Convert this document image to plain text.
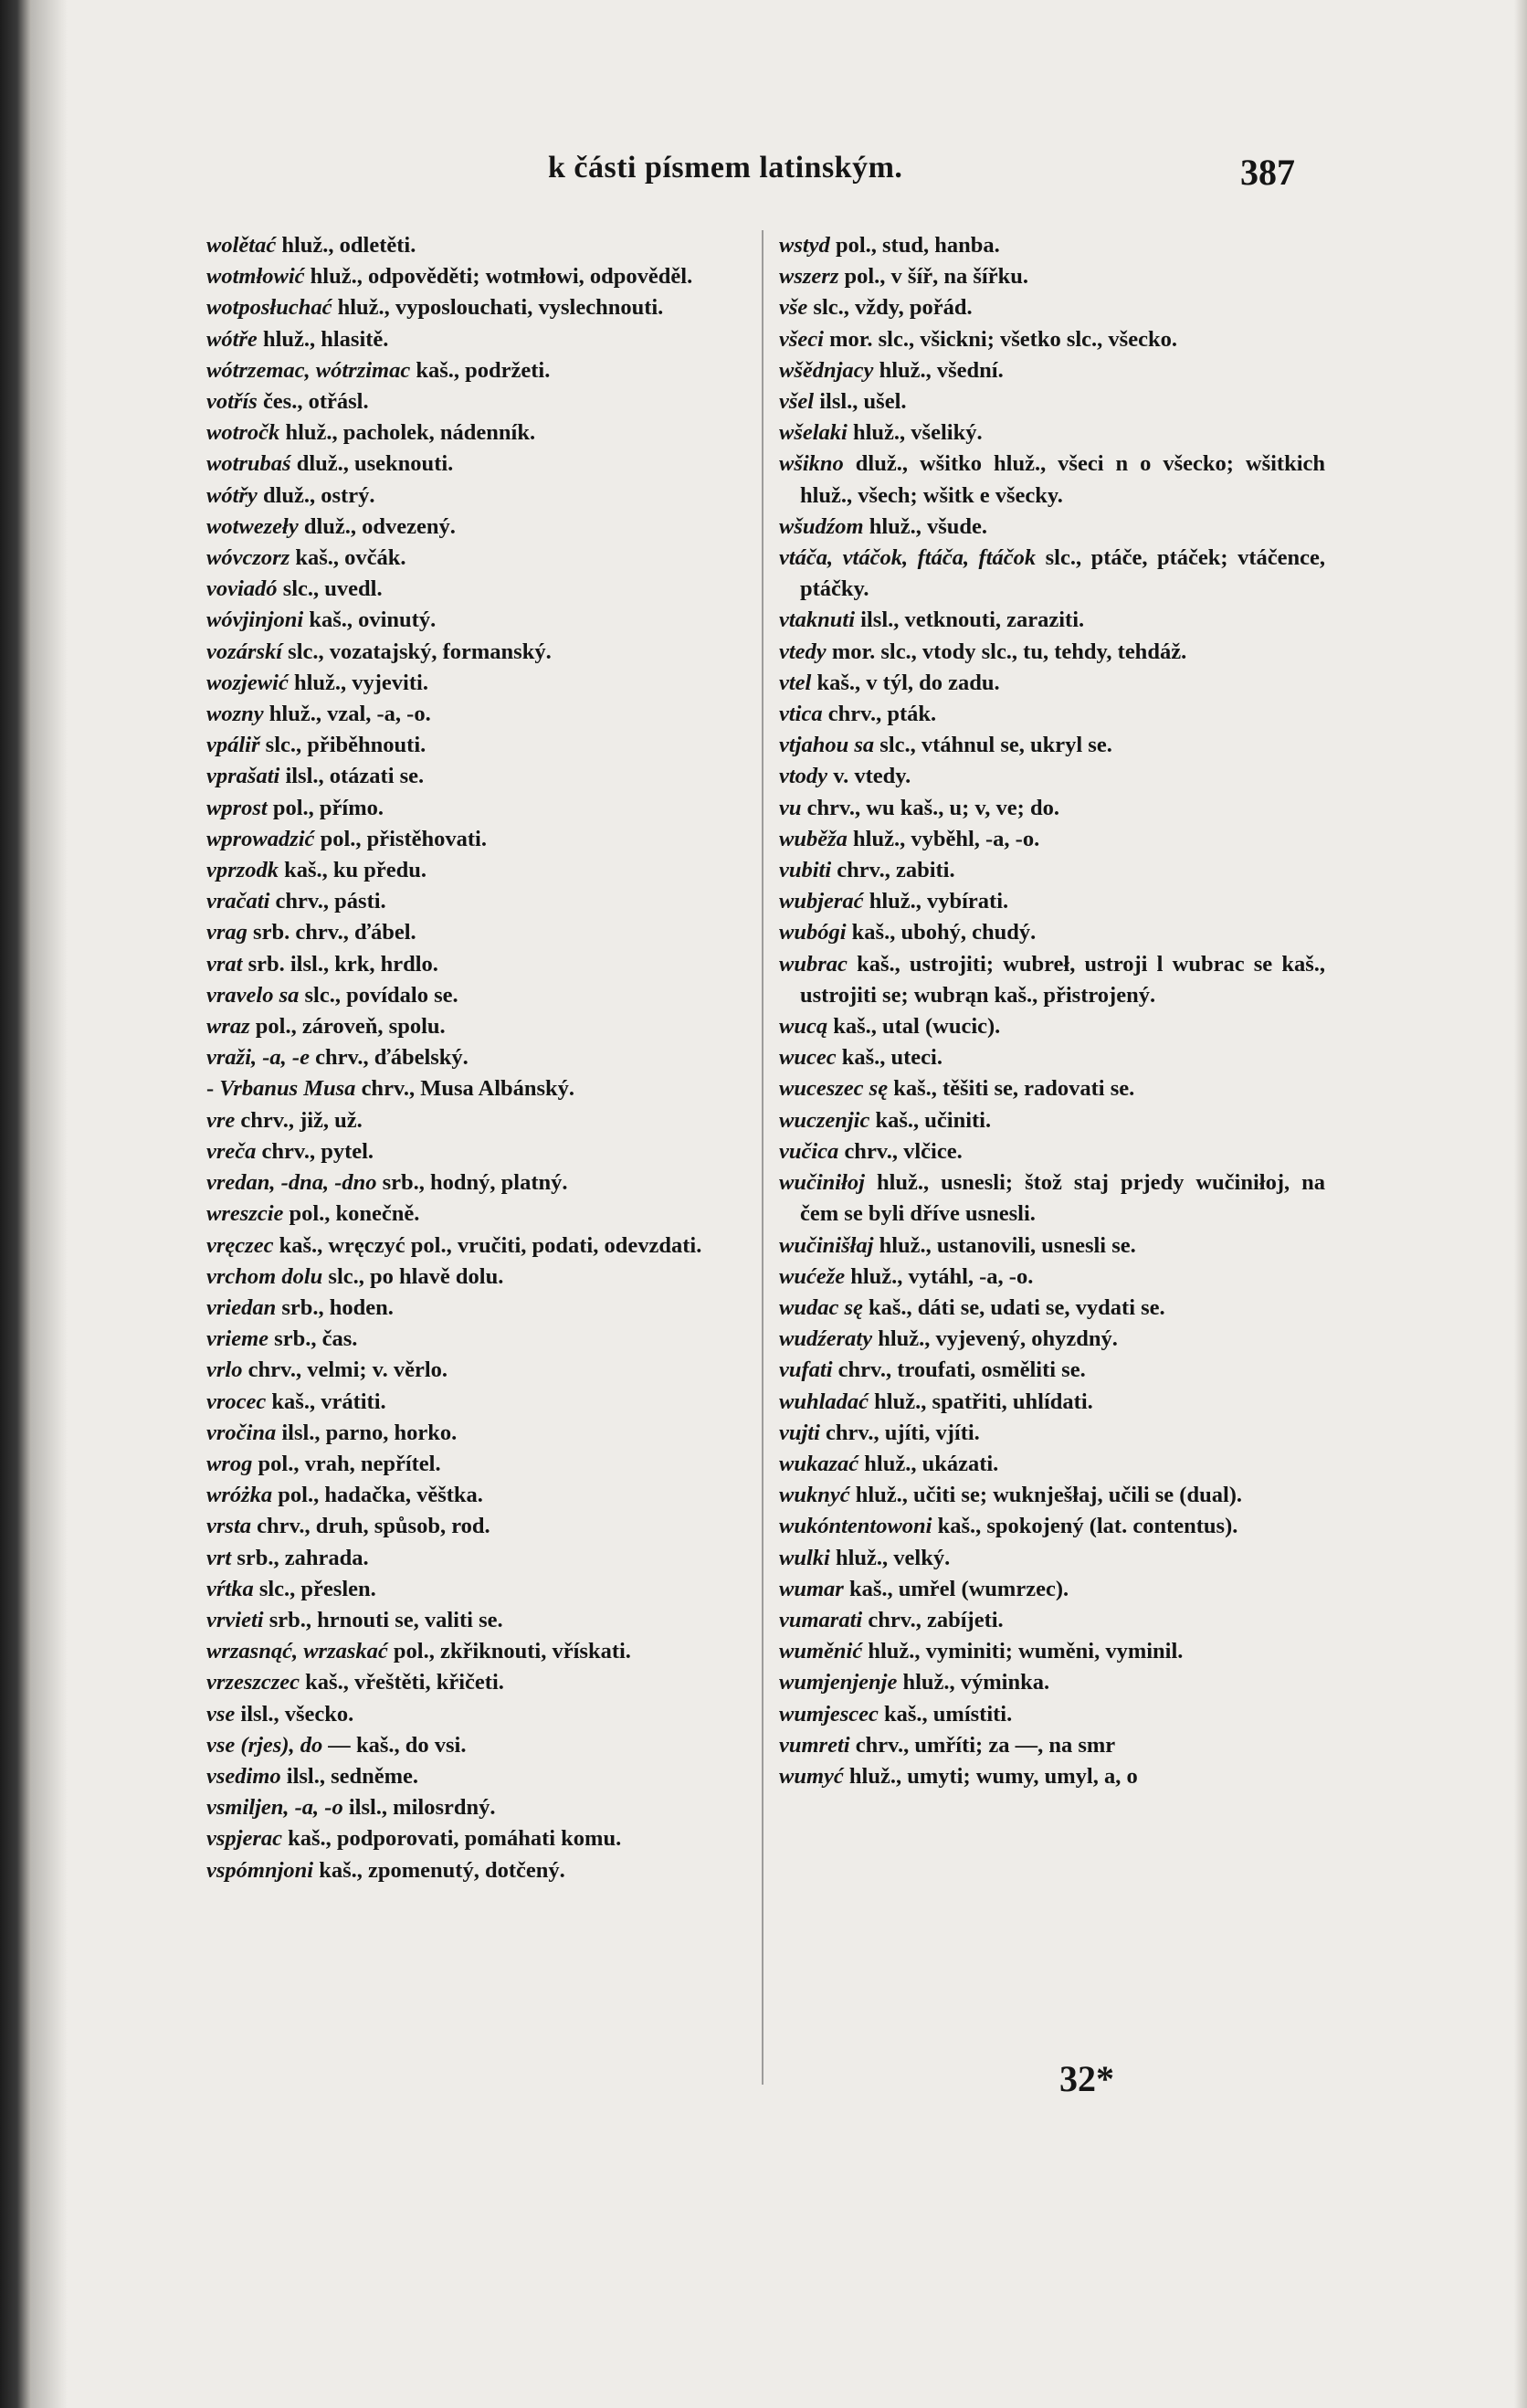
k části písmem latinským.	387

wolětać hluž., odletěti.

wotmłowić hluž., odpověděti; wotmłowi, odpověděl.

wotposłuchać hluž., vyposlouchati, vyslechnouti.

wótře hluž., hlasitě.

wótrzemac, wótrzimac kaš., podržeti.

votřís čes., otřásl.

wotročk hluž., pacholek, nádenník.

wotrubaś dluž., useknouti.

wótřy dluž., ostrý.

wotwezeły dluž., odvezený.

wóvczorz kaš., ovčák.

voviadó slc., uvedl.

wóvjinjoni kaš., ovinutý.

vozárskí slc., vozatajský, formanský.

wozjewić hluž., vyjeviti.

wozny hluž., vzal, -a, -o.

vpáliř slc., přiběhnouti.

vprašati ilsl., otázati se.

wprost pol., přímo.

wprowadzić pol., přistěhovati.

vprzodk kaš., ku předu.

vračati chrv., pásti.

vrag srb. chrv., ďábel.

vrat srb. ilsl., krk, hrdlo.

vravelo sa slc., povídalo se.

wraz pol., zároveň, spolu.

vraži, -a, -e chrv., ďábelský.

- Vrbanus Musa chrv., Musa Albánský.

vre chrv., již, už.

vreča chrv., pytel.

vredan, -dna, -dno srb., hodný, platný.

wreszcie pol., konečně.

vręczec kaš., wręczyć pol., vručiti, podati, odevzdati.

vrchom dolu slc., po hlavě dolu.

vriedan srb., hoden.

vrieme srb., čas.

vrlo chrv., velmi; v. věrlo.

vrocec kaš., vrátiti.

vročina ilsl., parno, horko.

wrog pol., vrah, nepřítel.

wróżka pol., hadačka, věštka.

vrsta chrv., druh, spůsob, rod.

vrt srb., zahrada.

vŕtka slc., přeslen.

vrvieti srb., hrnouti se, valiti se.

wrzasnąć, wrzaskać pol., zkřiknouti, vřískati.

vrzeszczec kaš., vřeštěti, křičeti.

vse ilsl., všecko.

vse (rjes), do — kaš., do vsi.

vsedimo ilsl., sedněme.

vsmiljen, -a, -o ilsl., milosrdný.

vspjerac kaš., podporovati, pomáhati komu.

vspómnjoni kaš., zpomenutý, dotčený.

wstyd pol., stud, hanba.

wszerz pol., v šíř, na šířku.

vše slc., vždy, pořád.

všeci mor. slc., všickni; všetko slc., všecko.

wšědnjacy hluž., všední.

všel ilsl., ušel.

wšelaki hluž., všeliký.

wšikno dluž., wšitko hluž., všeci n o všecko; wšitkich hluž., všech; wšitk e všecky.

wšudźom hluž., všude.

vtáča, vtáčok, ftáča, ftáčok slc., ptáče, ptáček; vtáčence, ptáčky.

vtaknuti ilsl., vetknouti, zaraziti.

vtedy mor. slc., vtody slc., tu, tehdy, tehdáž.

vtel kaš., v týl, do zadu.

vtica chrv., pták.

vtjahou sa slc., vtáhnul se, ukryl se.

vtody v. vtedy.

vu chrv., wu kaš., u; v, ve; do.

wuběža hluž., vyběhl, -a, -o.

vubiti chrv., zabiti.

wubjerać hluž., vybírati.

wubógi kaš., ubohý, chudý.

wubrac kaš., ustrojiti; wubreł, ustroji l wubrac se kaš., ustrojiti se; wubrąn kaš., přistrojený.

wucą kaš., utal (wucic).

wucec kaš., uteci.

wuceszec sę kaš., těšiti se, radovati se.

wuczenjic kaš., učiniti.

vučica chrv., vlčice.

wučiniłoj hluž., usnesli; štož staj prjedy wučiniłoj, na čem se byli dříve usnesli.

wučinišłaj hluž., ustanovili, usnesli se.

wućeže hluž., vytáhl, -a, -o.

wudac sę kaš., dáti se, udati se, vydati se.

wudźeraty hluž., vyjevený, ohyzdný.

vufati chrv., troufati, osměliti se.

wuhladać hluž., spatřiti, uhlídati.

vujti chrv., ujíti, vjíti.

wukazać hluž., ukázati.

wuknyć hluž., učiti se; wuknješłaj, učili se (dual).

wukóntentowoni kaš., spokojený (lat. contentus).

wulki hluž., velký.

wumar kaš., umřel (wumrzec).

vumarati chrv., zabíjeti.

wuměnić hluž., vyminiti; wuměni, vyminil.

wumjenjenje hluž., výminka.

wumjescec kaš., umístiti.

vumreti chrv., umříti; za —, na smr

wumyć hluž., umyti; wumy, umyl, a, o

32*
